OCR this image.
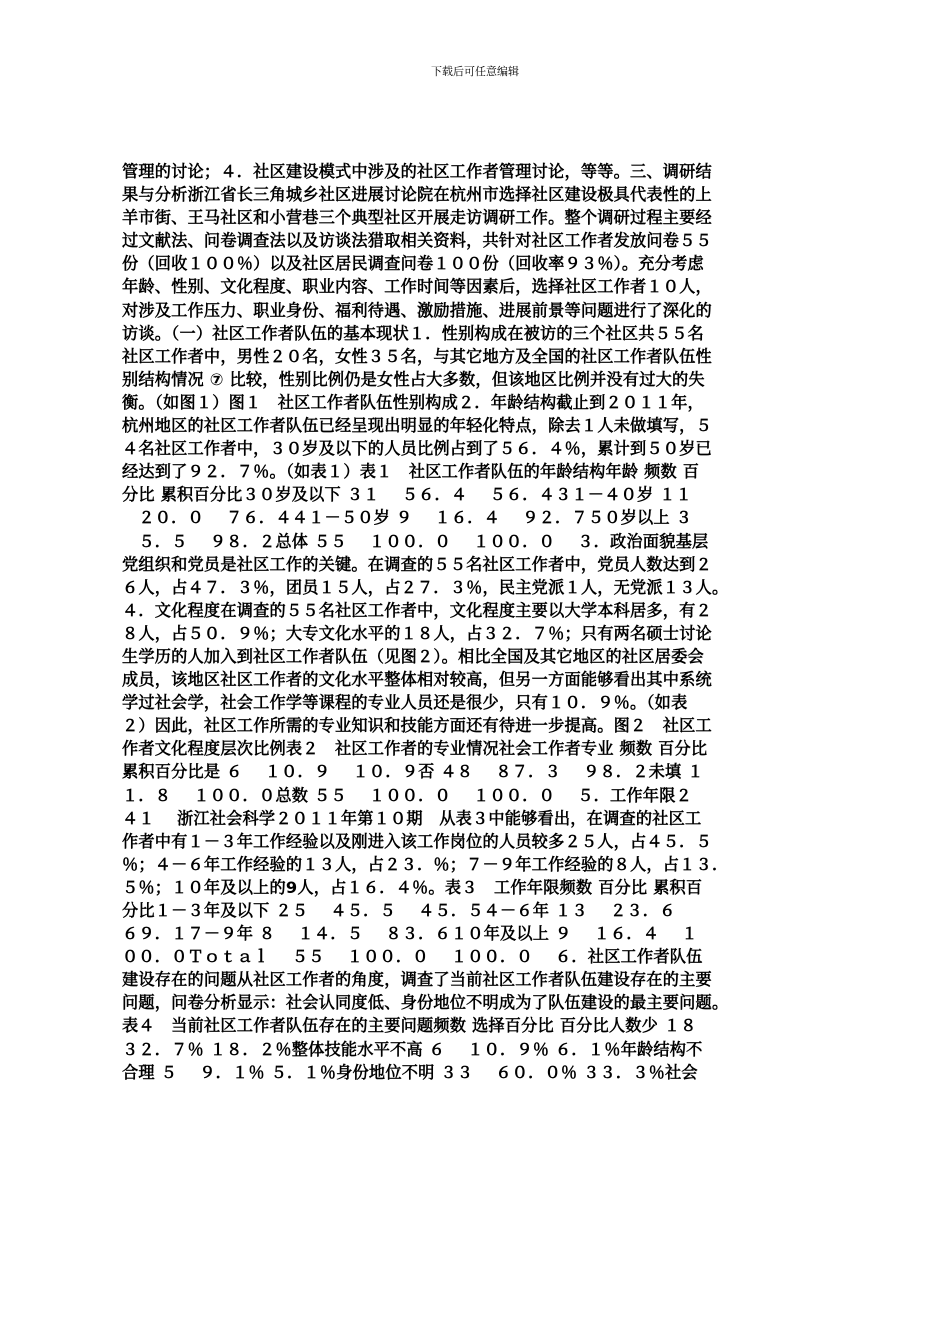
下载后可任意编辑
管理的讨论；４．社区建设模式中涉及的社区工作者管理讨论，等等。三、调研结
果与分析浙江省长三角城乡社区进展讨论院在杭州市选择社区建设极具代表性的上
羊市街、王马社区和小营巷三个典型社区开展走访调研工作。整个调研过程主要经
过文献法、问卷调查法以及访谈法猎取相关资料，共针对社区工作者发放问卷５５
份（回收１００％）以及社区居民调查问卷１００份（回收率９３％）。充分考虑
年龄、性别、文化程度、职业内容、工作时间等因素后，选择社区工作者１０人，
对涉及工作压力、职业身份、福利待遇、激励措施、进展前景等问题进行了深化的
访谈。（一）社区工作者队伍的基本现状１．性别构成在被访的三个社区共５５名
社区工作者中，男性２０名，女性３５名，与其它地方及全国的社区工作者队伍性
别结构情况 ⑦ 比较，性别比例仍是女性占大多数，但该地区比例并没有过大的失
衡。（如图１）图１　社区工作者队伍性别构成２．年龄结构截止到２０１１年，
杭州地区的社区工作者队伍已经呈现出明显的年轻化特点，除去１人未做填写，５
４名社区工作者中，３０岁及以下的人员比例占到了５６．４％，累计到５０岁已
经达到了９２．７％。（如表１）表１　社区工作者队伍的年龄结构年龄 频数 百
分比 累积百分比３０岁及以下 ３１　 ５６．４　 ５６．４３１－４０岁 １１
　２０．０　 ７６．４４１－５０岁 ９　 １６．４　 ９２．７５０岁以上 ３
　５．５　 ９８．２总体 ５５　 １００．０　 １００．０　 ３．政治面貌基层
党组织和党员是社区工作的关键。在调查的５５名社区工作者中，党员人数达到２
６人，占４７．３％，团员１５人，占２７．３％，民主党派１人，无党派１３人。
４．文化程度在调查的５５名社区工作者中，文化程度主要以大学本科居多，有２
８人，占５０．９％；大专文化水平的１８人，占３２．７％；只有两名硕士讨论
生学历的人加入到社区工作者队伍（见图２）。相比全国及其它地区的社区居委会
成员，该地区社区工作者的文化水平整体相对较高，但另一方面能够看出其中系统
学过社会学，社会工作学等课程的专业人员还是很少，只有１０．９％。（如表
２）因此，社区工作所需的专业知识和技能方面还有待进一步提高。图２　社区工
作者文化程度层次比例表２　社区工作者的专业情况社会工作者专业 频数 百分比
累积百分比是 ６　 １０．９　 １０．９否 ４８　 ８７．３　 ９８．２未填 １
１．８　 １００．０总数 ５５　 １００．０　 １００．０　 ５．工作年限２
４１　 浙江社会科学２０１１年第１０期　从表３中能够看出，在调查的社区工
作者中有１－３年工作经验以及刚进入该工作岗位的人员较多２５人，占４５．５
％；４－６年工作经验的１３人，占２３．％；７－９年工作经验的８人，占１３．
５％；１０年及以上的9人，占１６．４％。表３　工作年限频数 百分比 累积百
分比１－３年及以下 ２５　 ４５．５　 ４５．５４－６年 １３　 ２３．６
６９．１７－９年 ８　 １４．５　 ８３．６１０年及以上 ９　 １６．４　 １
００．０Ｔｏｔａｌ　 ５５　 １００．０　 １００．０　 ６．社区工作者队伍
建设存在的问题从社区工作者的角度，调查了当前社区工作者队伍建设存在的主要
问题，问卷分析显示：社会认同度低、身份地位不明成为了队伍建设的最主要问题。
表４　当前社区工作者队伍存在的主要问题频数 选择百分比 百分比人数少 １８
３２．７％ １８．２％整体技能水平不高 ６　 １０．９％ ６．１％年龄结构不
合理 ５　 ９．１％ ５．１％身份地位不明 ３３　 ６０．０％ ３３．３％社会
